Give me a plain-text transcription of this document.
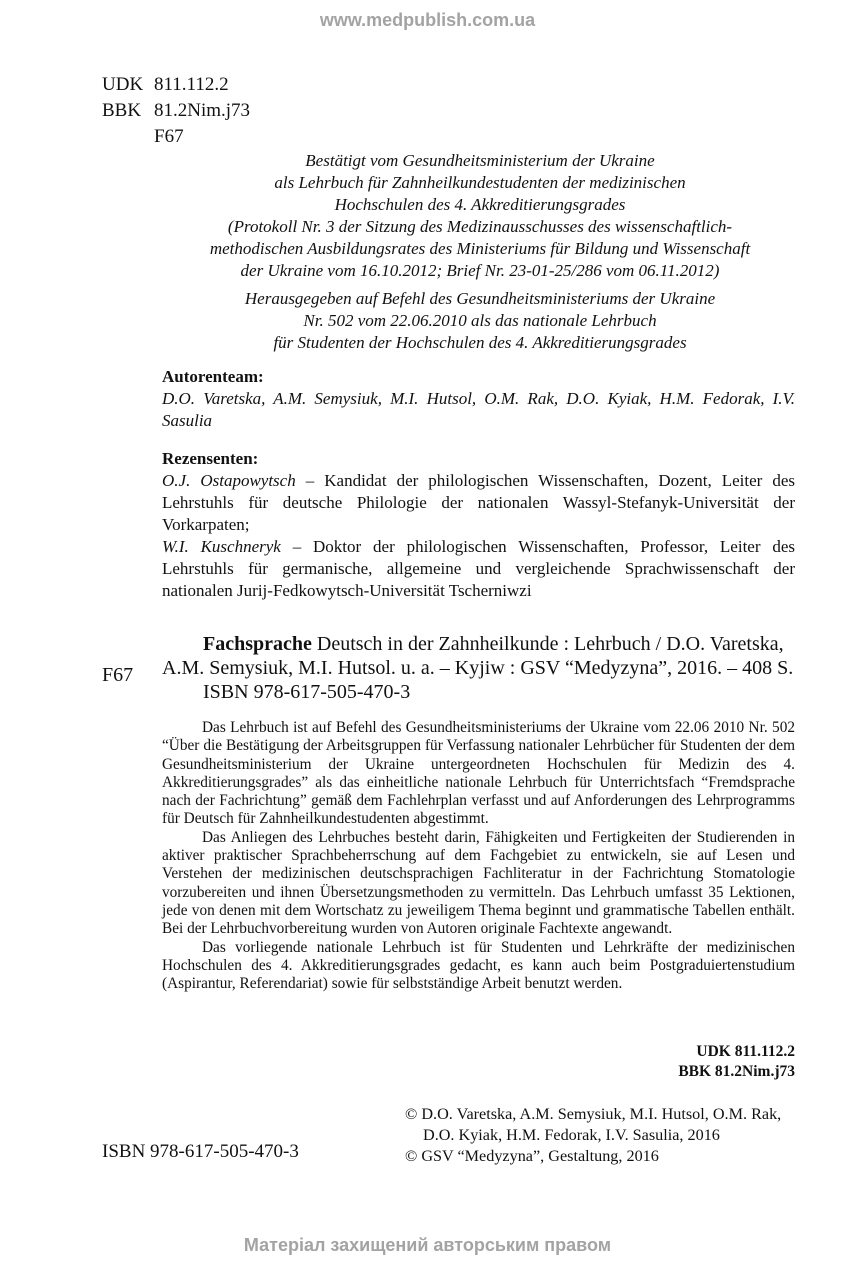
www.medpublish.com.ua
UDK 811.112.2
BBK 81.2Nim.j73
F67

Bestätigt vom Gesundheitsministerium der Ukraine

als Lehrbuch für Zahnheilkundestudenten der medizinischen

Hochschulen des 4. Akkreditierungsgrades

(Protokoll Nr. 3 der Sitzung des Medizinausschusses des wissenschaftlich-

methodischen Ausbildungsrates des Ministeriums für Bildung und Wissenschaft

der Ukraine vom 16.10.2012; Brief Nr. 23-01-25/286 vom 06.11.2012)

Herausgegeben auf Befehl des Gesundheitsministeriums der Ukraine

Nr. 502 vom 22.06.2010 als das nationale Lehrbuch

für Studenten der Hochschulen des 4. Akkreditierungsgrades

Autorenteam:

D.O. Varetska, A.M. Semysiuk, M.I. Hutsol, O.M. Rak, D.O. Kyiak, H.M. Fedorak, I.V. Sasulia

Rezensenten:

O.J. Ostapowytsch – Kandidat der philologischen Wissenschaften, Dozent, Leiter des Lehrstuhls für deutsche Philologie der nationalen Wassyl-Stefanyk-Universität der Vorkarpaten;

W.I. Kuschneryk – Doktor der philologischen Wissenschaften, Professor, Leiter des Lehrstuhls für germanische, allgemeine und vergleichende Sprachwissenschaft der nationalen Jurij-Fedkowytsch-Universität Tscherniwzi

F67
Fachsprache Deutsch in der Zahnheilkunde : Lehrbuch / D.O. Varetska,
A.M. Semysiuk, M.I. Hutsol. u. a. – Kyjiw : GSV “Medyzyna”, 2016. – 408 S.
ISBN 978-617-505-470-3

Das Lehrbuch ist auf Befehl des Gesundheitsministeriums der Ukraine vom 22.06 2010 Nr. 502 “Über die Bestätigung der Arbeitsgruppen für Verfassung nationaler Lehrbücher für Studenten der dem Gesundheitsministerium der Ukraine untergeordneten Hochschulen für Medizin des 4. Akkreditierungsgrades” als das einheitliche nationale Lehrbuch für Unterrichtsfach “Fremdsprache nach der Fachrichtung” gemäß dem Fachlehrplan verfasst und auf Anforderungen des Lehrprogramms für Deutsch für Zahnheilkundestudenten abgestimmt.

Das Anliegen des Lehrbuches besteht darin, Fähigkeiten und Fertigkeiten der Studierenden in aktiver praktischer Sprachbeherrschung auf dem Fachgebiet zu entwickeln, sie auf Lesen und Verstehen der medizinischen deutschsprachigen Fachliteratur in der Fachrichtung Stomatologie vorzubereiten und ihnen Übersetzungsmethoden zu vermitteln. Das Lehrbuch umfasst 35 Lektionen, jede von denen mit dem Wortschatz zu jeweiligem Thema beginnt und grammatische Tabellen enthält. Bei der Lehrbuchvorbereitung wurden von Autoren originale Fachtexte angewandt.

Das vorliegende nationale Lehrbuch ist für Studenten und Lehrkräfte der medizinischen Hochschulen des 4. Akkreditierungsgrades gedacht, es kann auch beim Postgraduiertenstudium (Aspirantur, Referendariat) sowie für selbstständige Arbeit benutzt werden.

UDK 811.112.2
BBK 81.2Nim.j73

© D.O. Varetska, A.M. Semysiuk, M.I. Hutsol, O.M. Rak,

D.O. Kyiak, H.M. Fedorak, I.V. Sasulia, 2016

© GSV “Medyzyna”, Gestaltung, 2016

ISBN 978-617-505-470-3
Матеріал захищений авторським правом
